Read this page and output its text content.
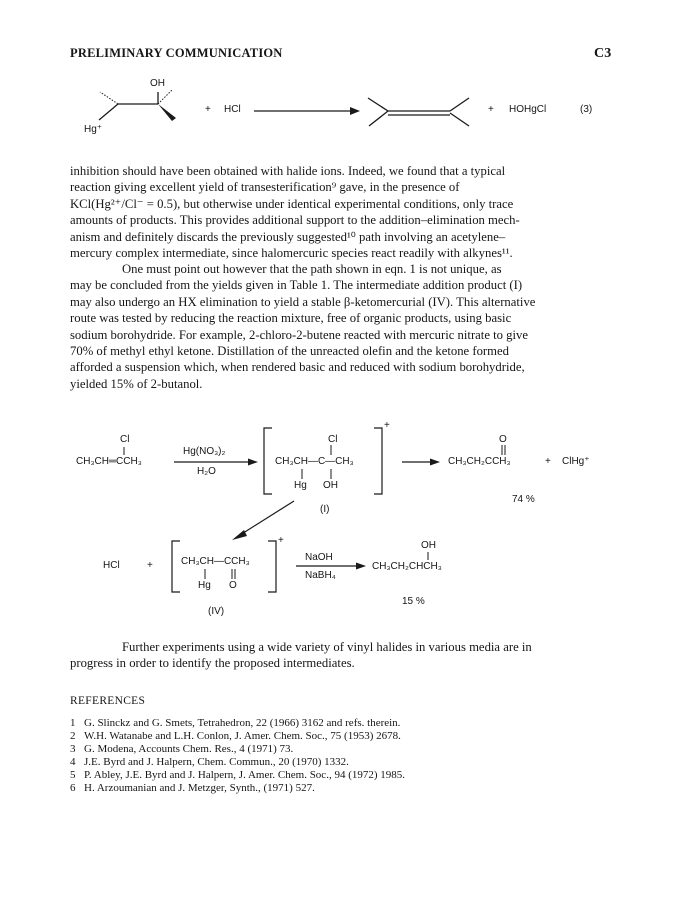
PRELIMINARY COMMUNICATION	C3
OH
Hg⁺
+ HCl	+ HOHgCl	(3)
inhibition should have been obtained with halide ions. Indeed, we found that a typical
reaction giving excellent yield of transesterification⁹ gave, in the presence of
KCl(Hg²⁺/Cl⁻ = 0.5), but otherwise under identical experimental conditions, only trace
amounts of products. This provides additional support to the addition–elimination mech-
anism and definitely discards the previously suggested¹⁰ path involving an acetylene–
mercury complex intermediate, since halomercuric species react readily with alkynes¹¹.
One must point out however that the path shown in eqn. 1 is not unique, as
may be concluded from the yields given in Table 1. The intermediate addition product (I)
may also undergo an HX elimination to yield a stable β-ketomercurial (IV). This alternative
route was tested by reducing the reaction mixture, free of organic products, using basic
sodium borohydride. For example, 2-chloro-2-butene reacted with mercuric nitrate to give
70% of methyl ethyl ketone. Distillation of the unreacted olefin and the ketone formed
afforded a suspension which, when rendered basic and reduced with sodium borohydride,
yielded 15% of 2-butanol.
Cl
CH₃CH═CCH₃
Hg(NO₃)₂
H₂O
Cl
CH₃CH—C—CH₃
Hg OH
+
(I)
O
CH₃CH₂CCH₃	+ ClHg⁺
74 %
HCl	+	CH₃CH—CCH₃
Hg O
+
(IV)
NaOH
NaBH₄
OH
CH₃CH₂CHCH₃
15 %
Further experiments using a wide variety of vinyl halides in various media are in
progress in order to identify the proposed intermediates.
REFERENCES
1 G. Slinckz and G. Smets, Tetrahedron, 22 (1966) 3162 and refs. therein.
2 W.H. Watanabe and L.H. Conlon, J. Amer. Chem. Soc., 75 (1953) 2678.
3 G. Modena, Accounts Chem. Res., 4 (1971) 73.
4 J.E. Byrd and J. Halpern, Chem. Commun., 20 (1970) 1332.
5 P. Abley, J.E. Byrd and J. Halpern, J. Amer. Chem. Soc., 94 (1972) 1985.
6 H. Arzoumanian and J. Metzger, Synth., (1971) 527.
